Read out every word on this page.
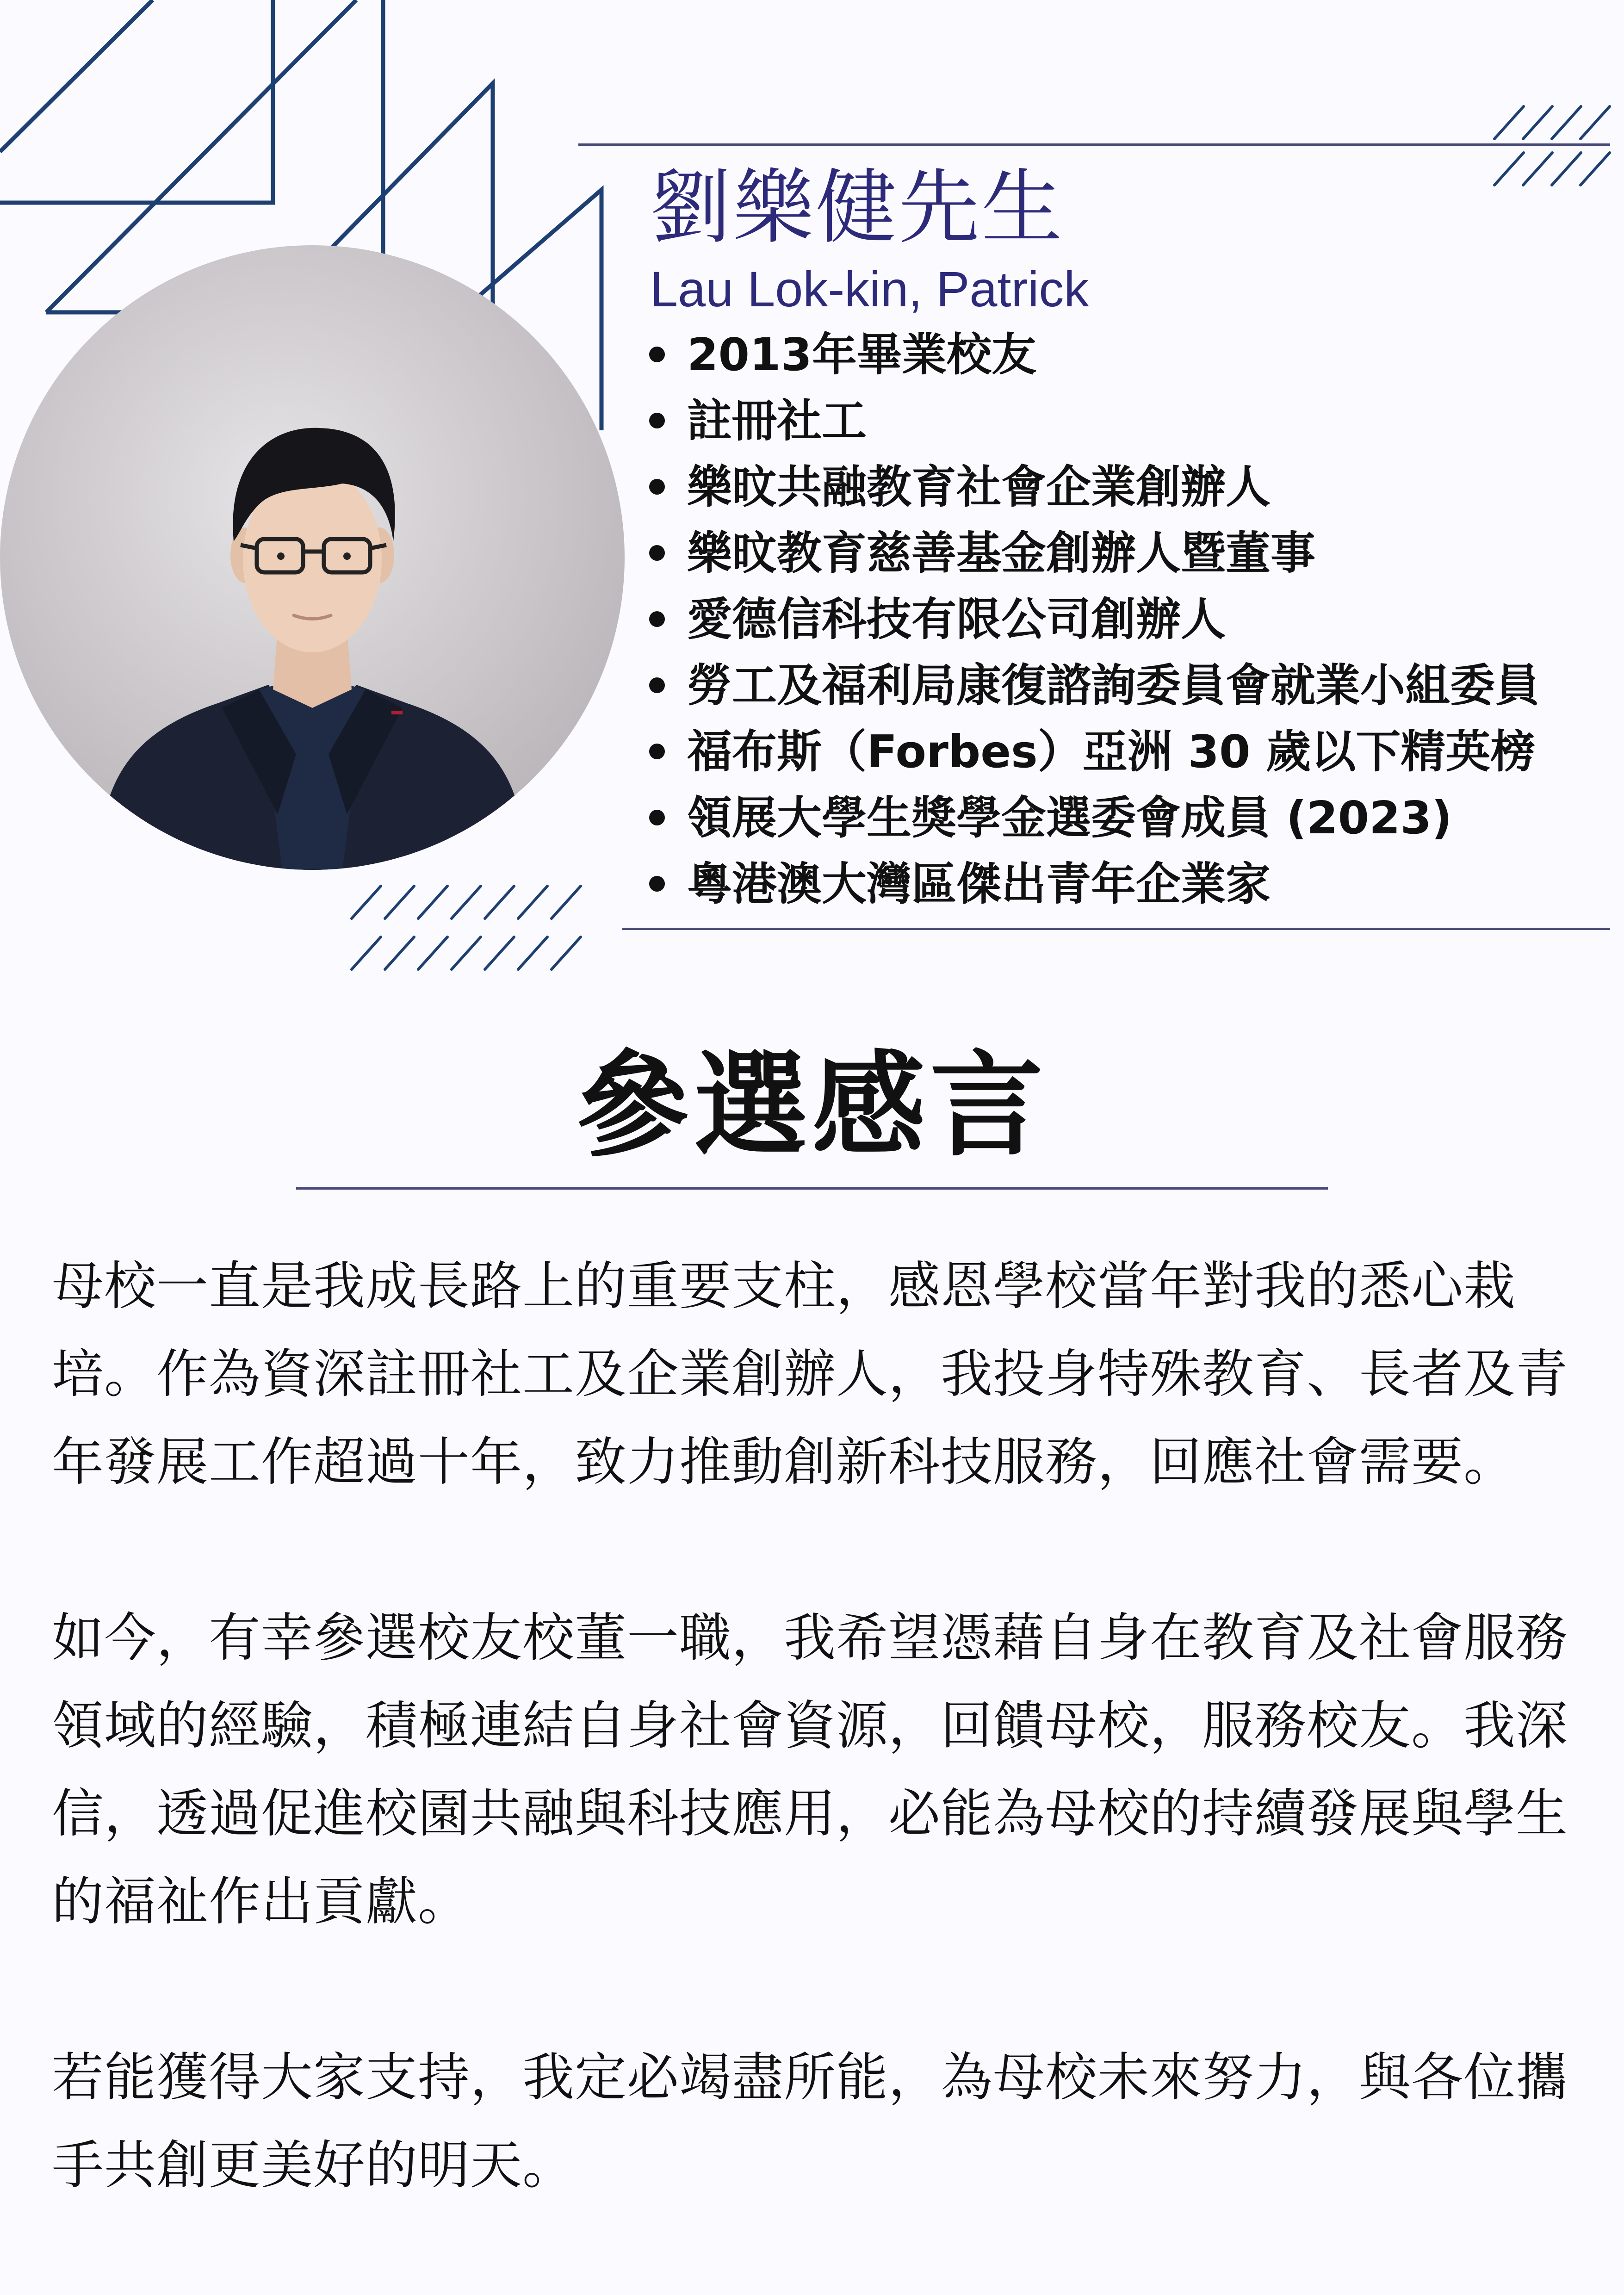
劉樂健先生
Lau Lok-kin, Patrick
2013年畢業校友
註冊社工
樂旼共融教育社會企業創辦人
樂旼教育慈善基金創辦人暨董事
愛德信科技有限公司創辦人
勞工及福利局康復諮詢委員會就業小組委員
福布斯（Forbes）亞洲 30 歲以下精英榜
領展大學生獎學金選委會成員 (2023)
粵港澳大灣區傑出青年企業家
參選感言

母校一直是我成長路上的重要支柱，感恩學校當年對我的悉心栽培。作為資深註冊社工及企業創辦人，我投身特殊教育、長者及青年發展工作超過十年，致力推動創新科技服務，回應社會需要。

如今，有幸參選校友校董一職，我希望憑藉自身在教育及社會服務領域的經驗，積極連結自身社會資源，回饋母校，服務校友。我深信，透過促進校園共融與科技應用，必能為母校的持續發展與學生的福祉作出貢獻。

若能獲得大家支持，我定必竭盡所能，為母校未來努力，與各位攜手共創更美好的明天。
